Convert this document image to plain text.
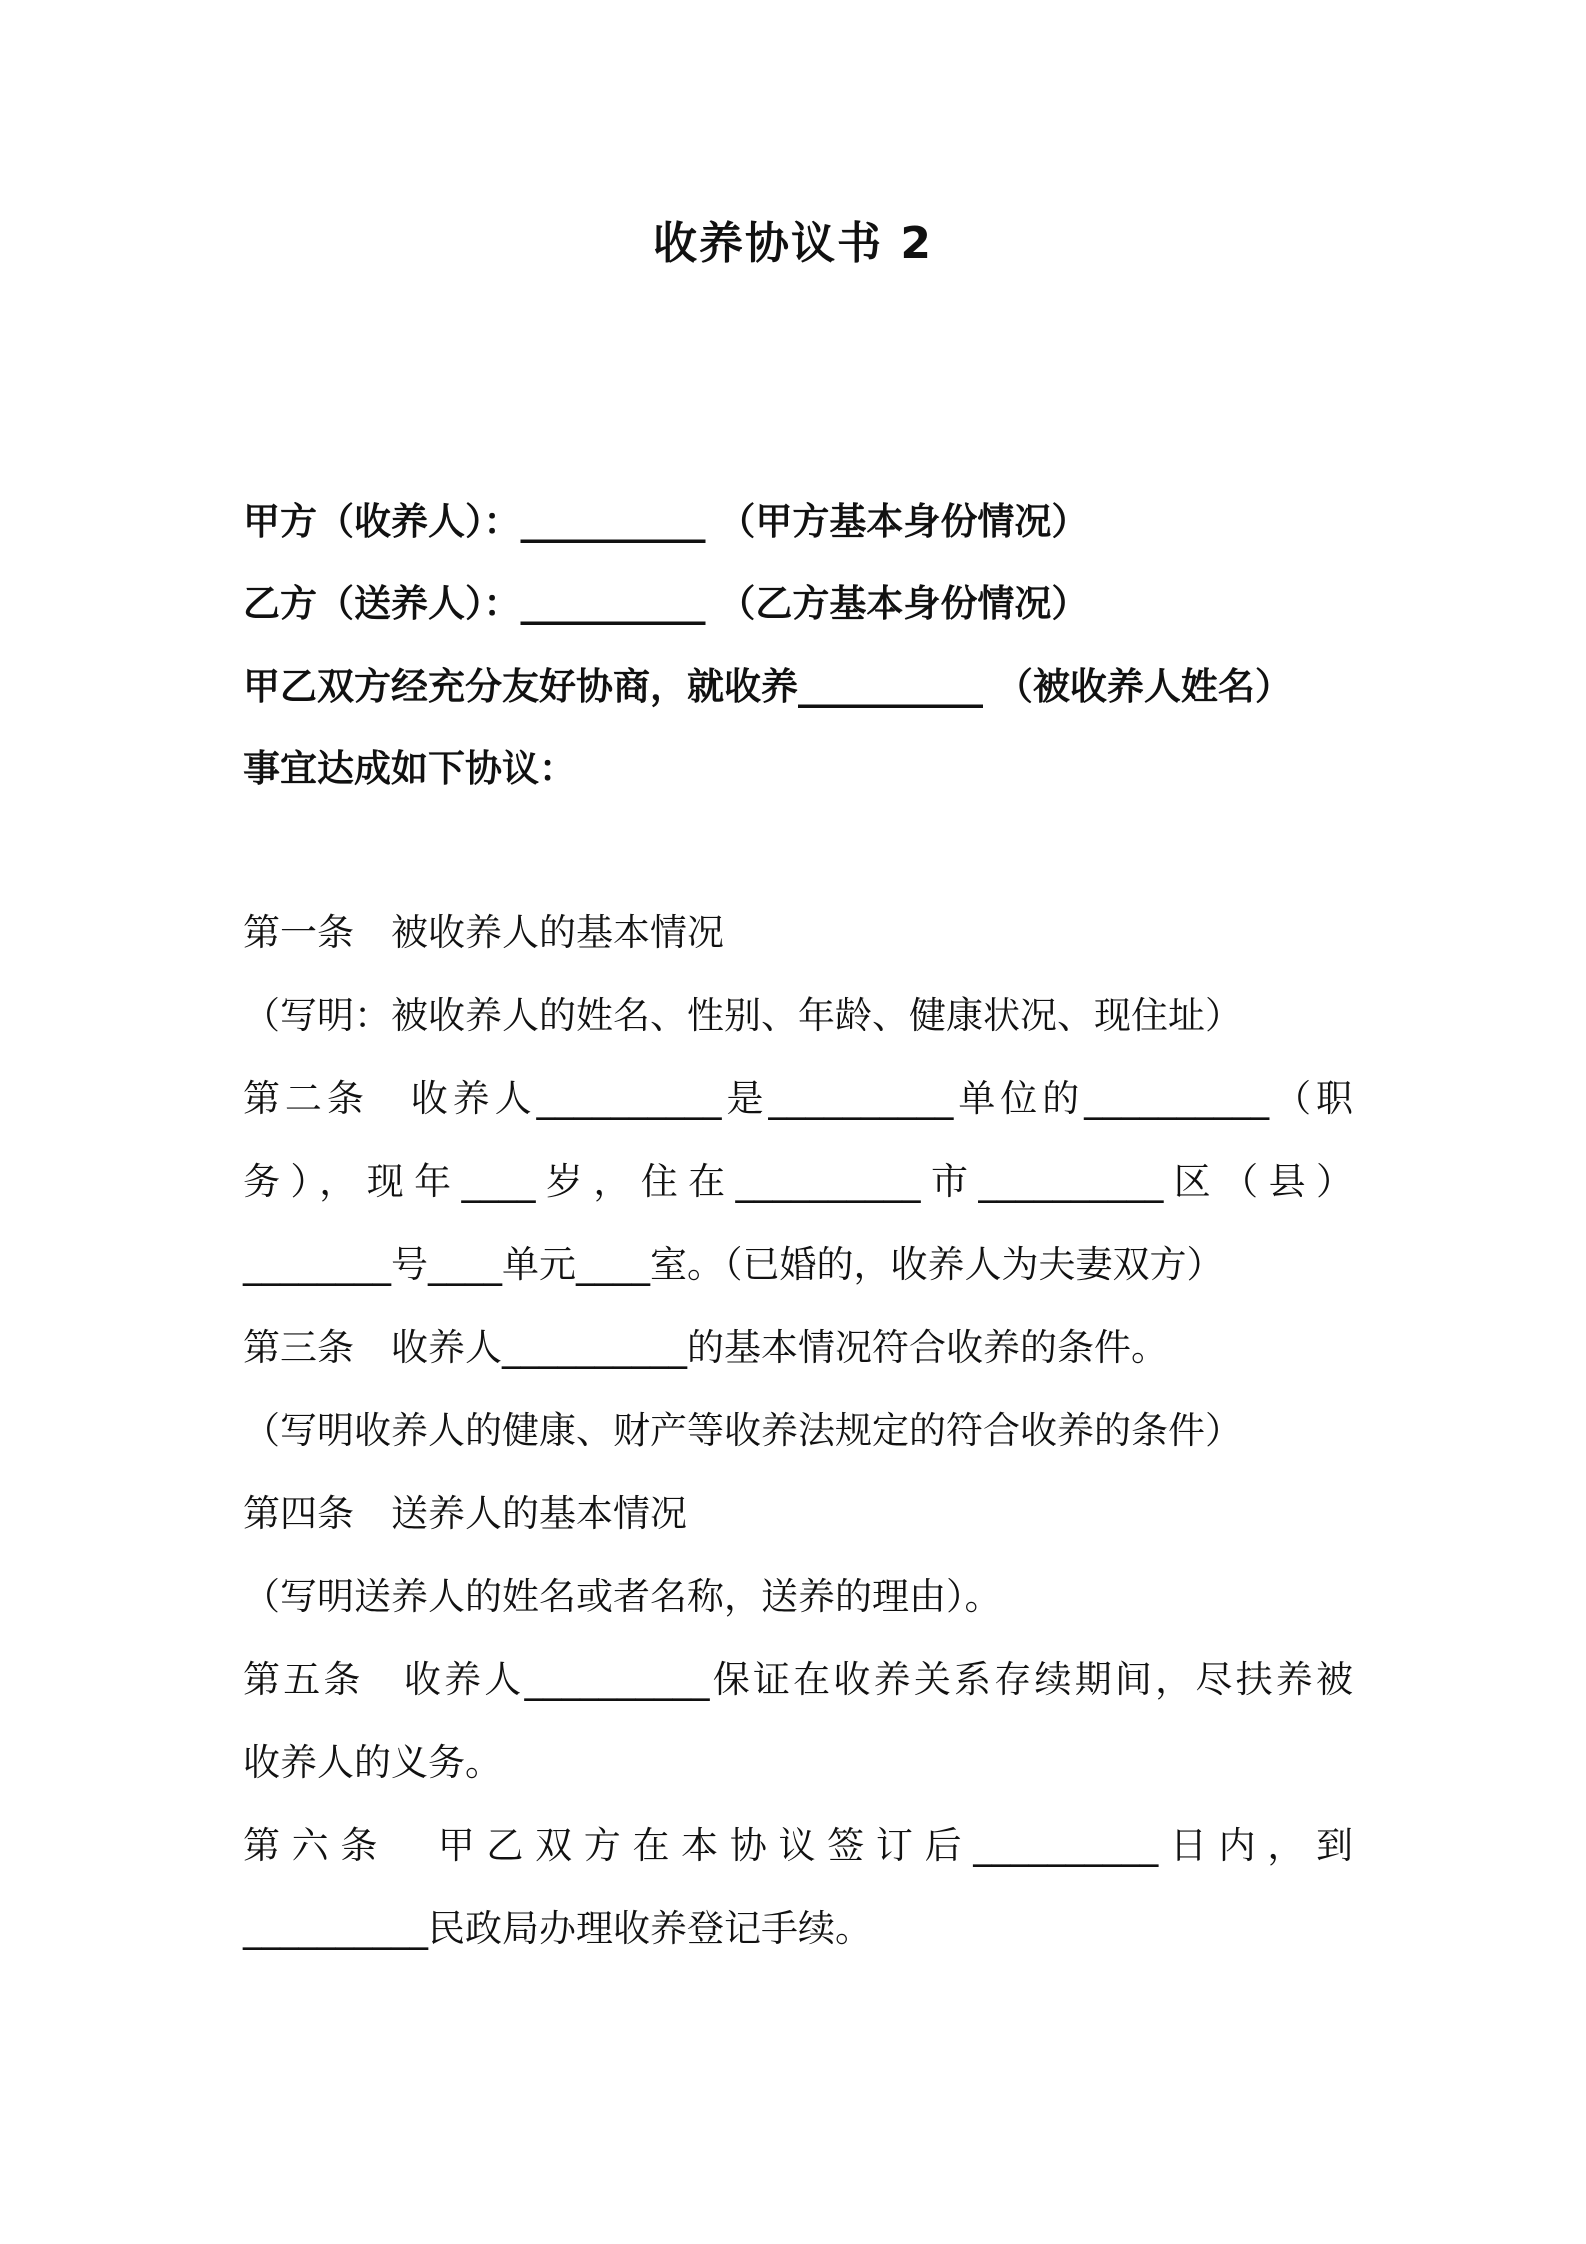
收养协议书 2

甲方（收养人）：__________ （甲方基本身份情况）

乙方（送养人）：__________ （乙方基本身份情况）

甲乙双方经充分友好协商，就收养__________ （被收养人姓名）

事宜达成如下协议：

第一条　被收养人的基本情况

（写明：被收养人的姓名、性别、年龄、健康状况、现住址）

第二条　收养人__________是__________单位的__________（职

务），现年____岁，住在__________市__________区（县）

________号____单元____室。（已婚的，收养人为夫妻双方）

第三条　收养人__________的基本情况符合收养的条件。

（写明收养人的健康、财产等收养法规定的符合收养的条件）

第四条　送养人的基本情况

（写明送养人的姓名或者名称，送养的理由）。

第五条　收养人__________保证在收养关系存续期间，尽扶养被

收养人的义务。

第六条　甲乙双方在本协议签订后__________日内，到

__________民政局办理收养登记手续。
